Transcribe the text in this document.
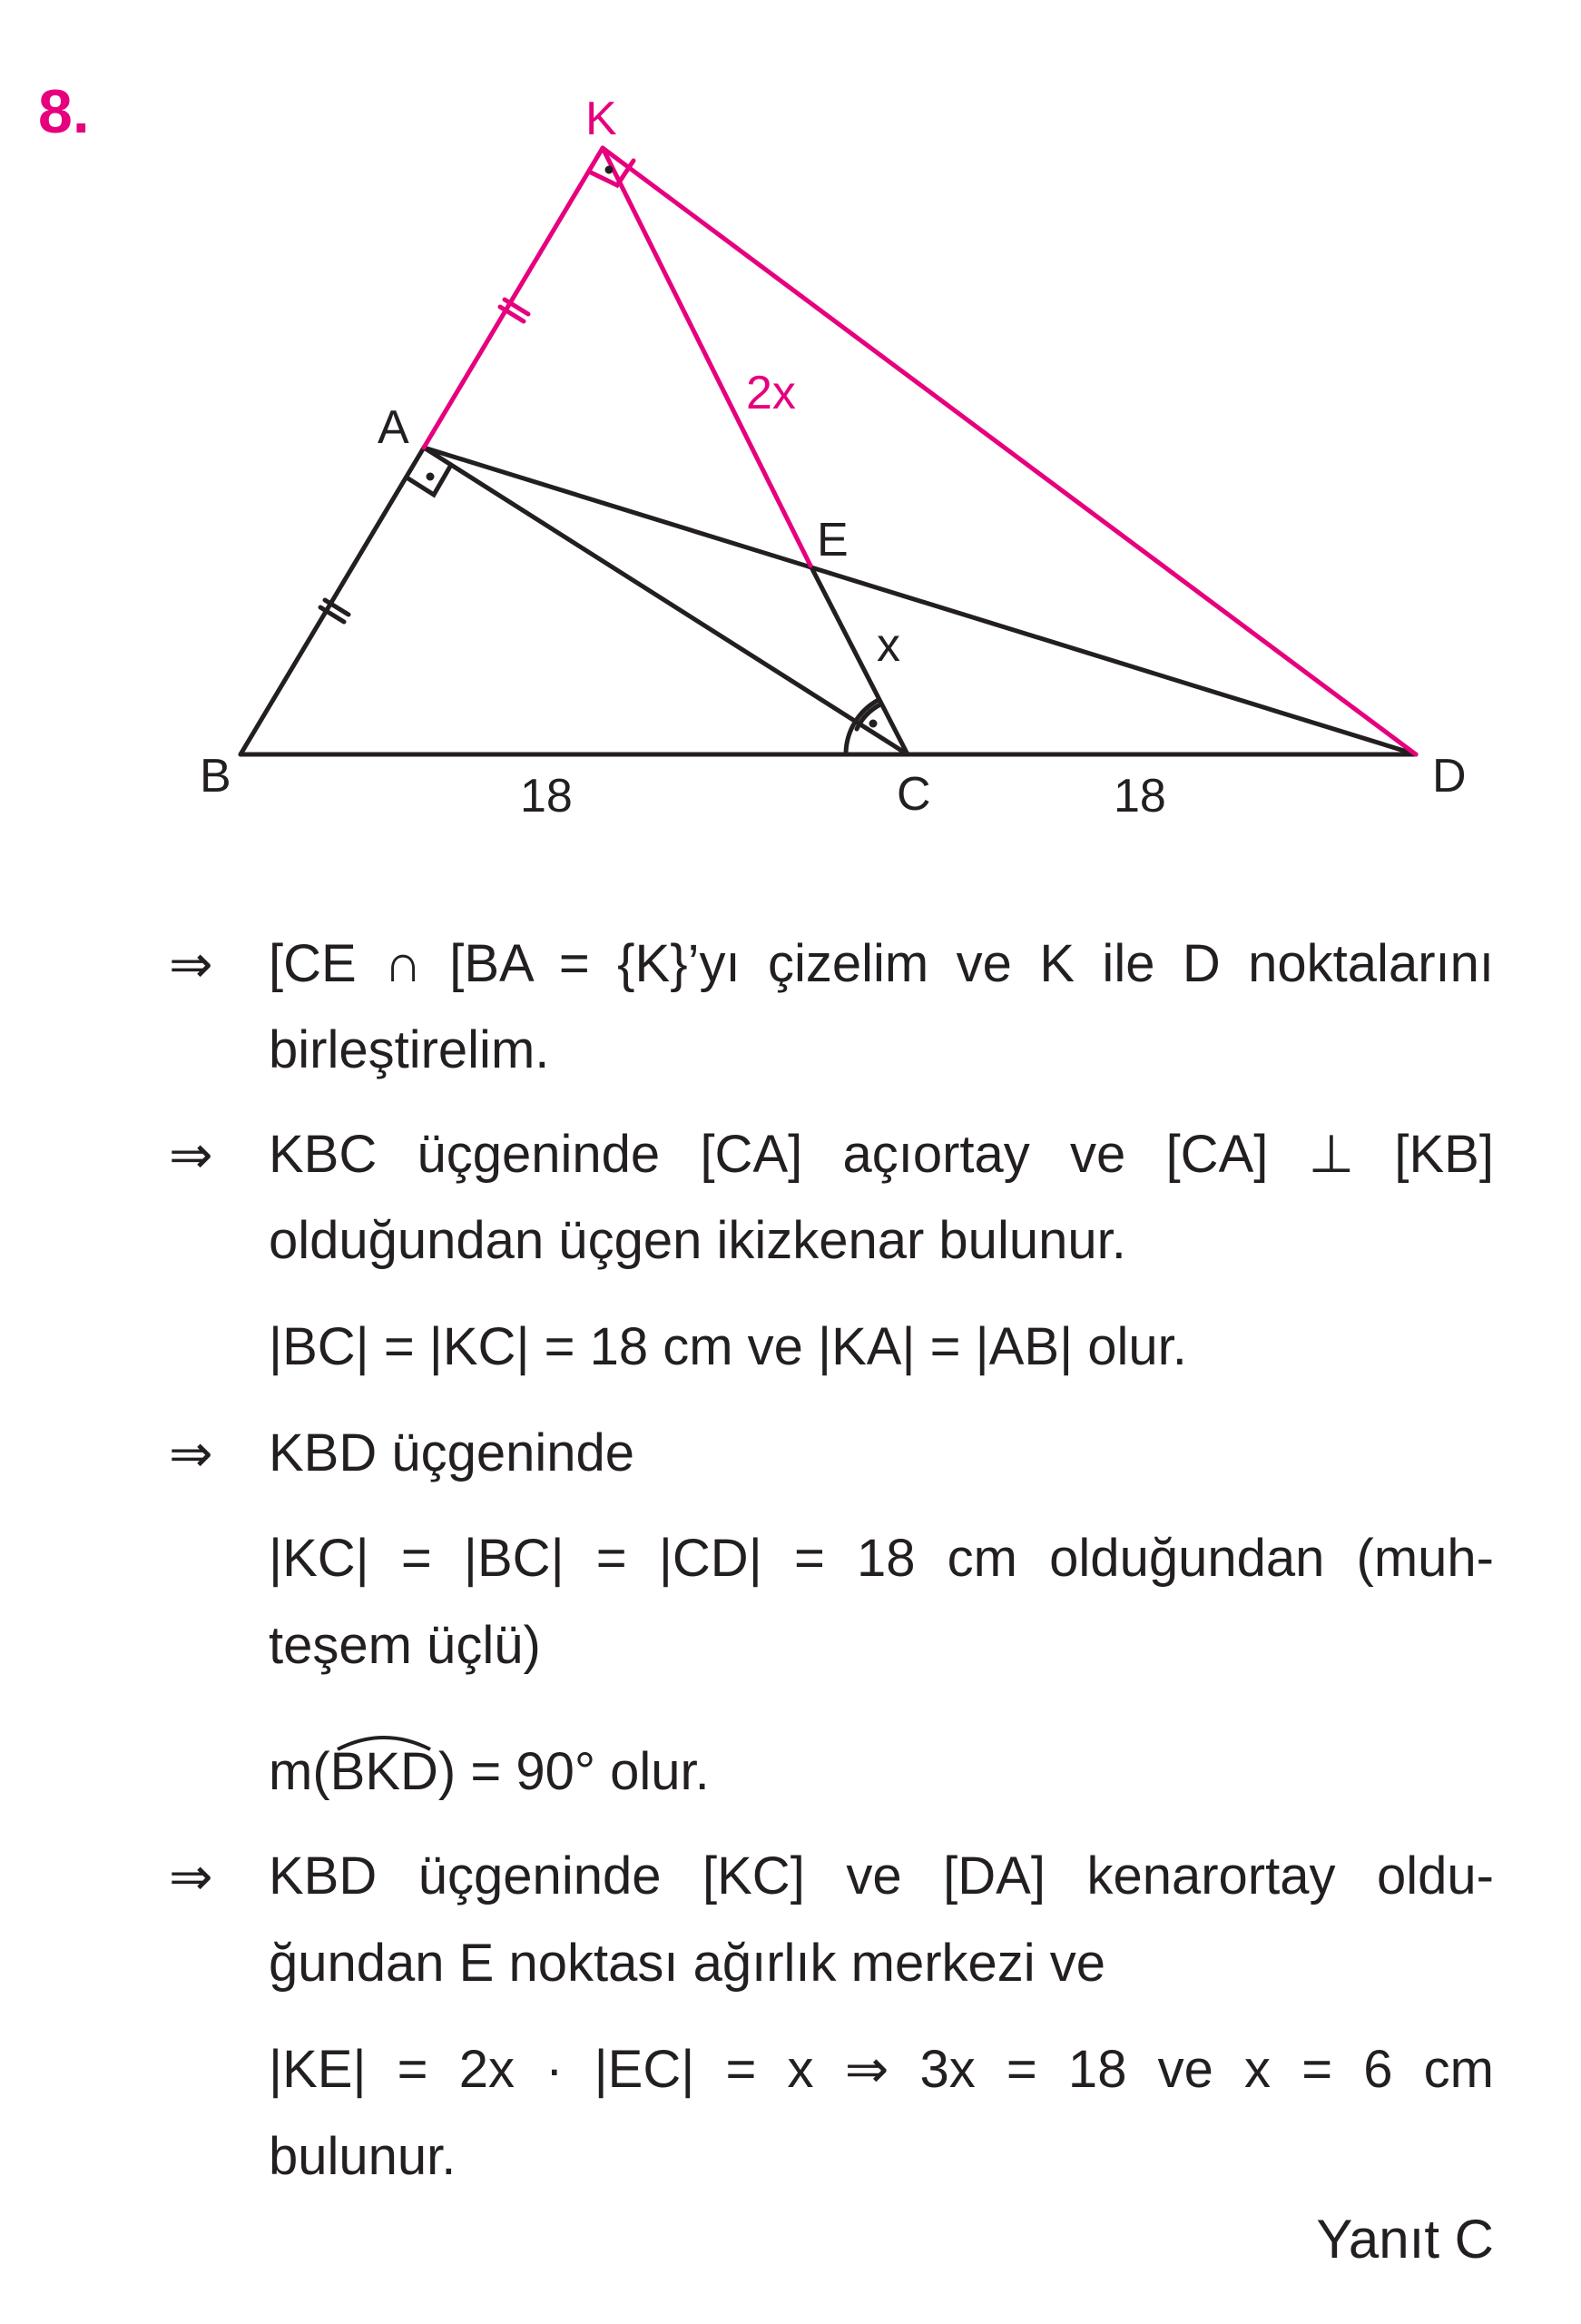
8.	K
A
E
B	C	D
2x
x
18	18
⇒ [CE ∩ [BA = {K}’yı çizelim ve K ile D noktalarını
birleştirelim.
⇒ KBC üçgeninde [CA] açıortay ve [CA] ⊥ [KB]
olduğundan üçgen ikizkenar bulunur.
|BC| = |KC| = 18 cm ve |KA| = |AB| olur.
⇒ KBD üçgeninde
|KC| = |BC| = |CD| = 18 cm olduğundan (muh-
teşem üçlü)
m(
BKD) = 90° olur.
⇒ KBD üçgeninde [KC] ve [DA] kenarortay oldu-
ğundan E noktası ağırlık merkezi ve
|KE| = 2x · |EC| = x ⇒ 3x = 18 ve x = 6 cm
bulunur.
Yanıt C
